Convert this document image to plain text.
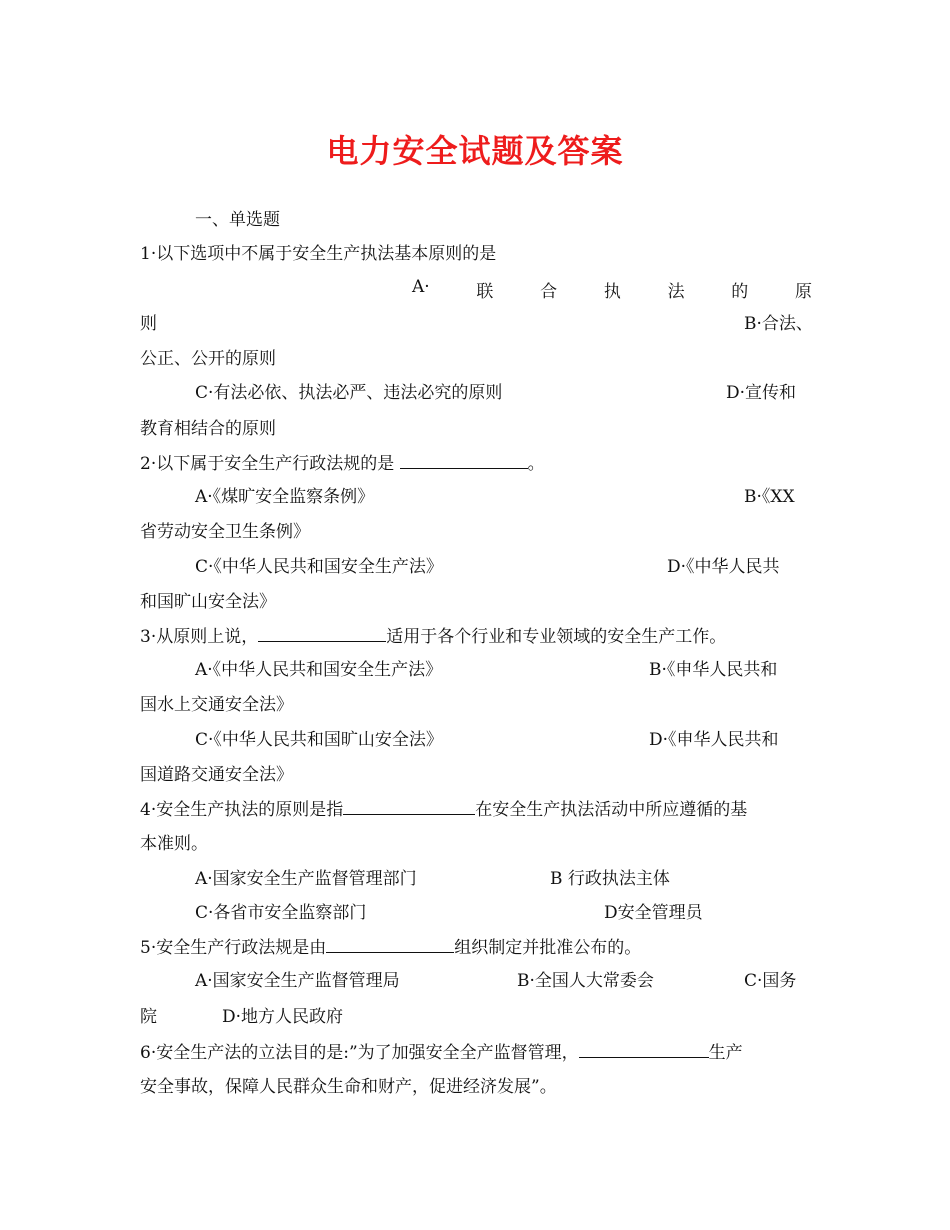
电力安全试题及答案
一、单选题
1·以下选项中不属于安全生产执法基本原则的是
A·	联	合	执	法	的	原
则	B·合法、
公正、公开的原则
C·有法必依、执法必严、违法必究的原则	D·宣传和
教育相结合的原则
2·以下属于安全生产行政法规的是	。
A·《煤旷安全监察条例》	B·《XX
省劳动安全卫生条例》
C·《中华人民共和国安全生产法》	D·《中华人民共
和国旷山安全法》
3·从原则上说，	适用于各个行业和专业领域的安全生产工作。
A·《中华人民共和国安全生产法》	B·《申华人民共和
国水上交通安全法》
C·《中华人民共和国旷山安全法》	D·《申华人民共和
国道路交通安全法》
4·安全生产执法的原则是指	在安全生产执法活动中所应遵循的基
本准则。
A·国家安全生产监督管理部门	B 行政执法主体
C·各省市安全监察部门	D安全管理员
5·安全生产行政法规是由	组织制定并批准公布的。
A·国家安全生产监督管理局	B·全国人大常委会	C·国务
院	D·地方人民政府
6·安全生产法的立法目的是:”为了加强安全全产监督管理，	生产
安全事故，保障人民群众生命和财产，促进经济发展”。
